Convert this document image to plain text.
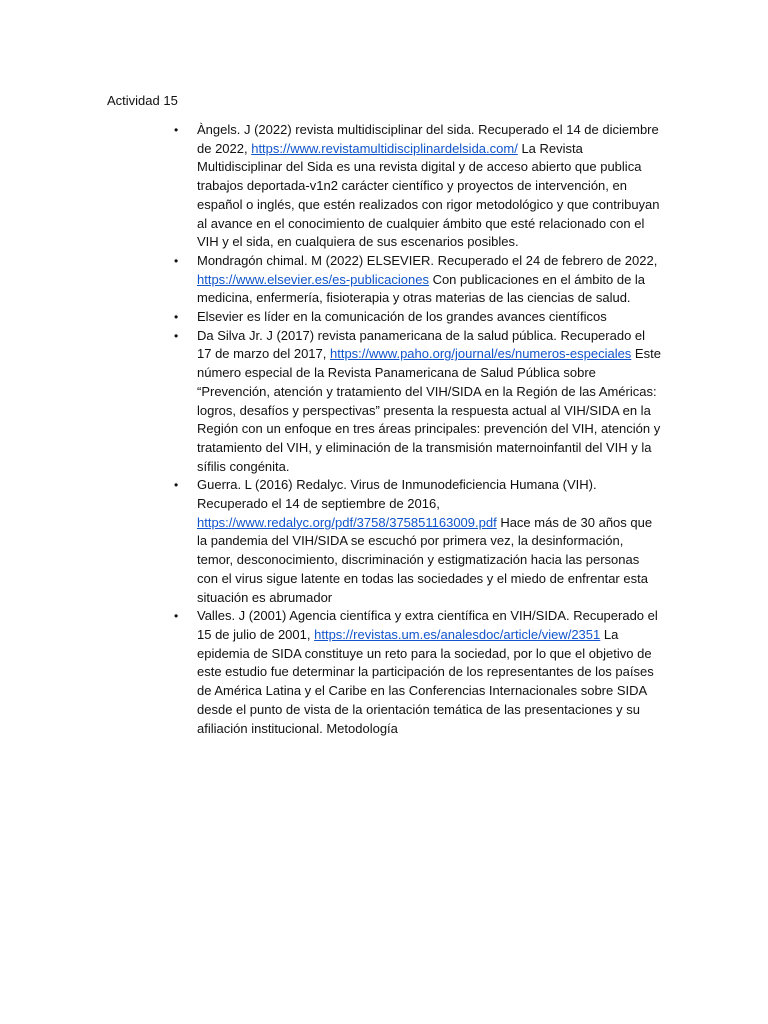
Actividad 15
• Àngels. J (2022) revista multidisciplinar del sida. Recuperado el 14 de diciembre de 2022, https://www.revistamultidisciplinardelsida.com/ La Revista Multidisciplinar del Sida es una revista digital y de acceso abierto que publica trabajos deportada-v1n2 carácter científico y proyectos de intervención, en español o inglés, que estén realizados con rigor metodológico y que contribuyan al avance en el conocimiento de cualquier ámbito que esté relacionado con el VIH y el sida, en cualquiera de sus escenarios posibles.
• Mondragón chimal. M (2022) ELSEVIER. Recuperado el 24 de febrero de 2022, https://www.elsevier.es/es-publicaciones Con publicaciones en el ámbito de la medicina, enfermería, fisioterapia y otras materias de las ciencias de salud.
• Elsevier es líder en la comunicación de los grandes avances científicos
• Da Silva Jr. J (2017) revista panamericana de la salud pública. Recuperado el 17 de marzo del 2017, https://www.paho.org/journal/es/numeros-especiales Este número especial de la Revista Panamericana de Salud Pública sobre “Prevención, atención y tratamiento del VIH/SIDA en la Región de las Américas: logros, desafíos y perspectivas” presenta la respuesta actual al VIH/SIDA en la Región con un enfoque en tres áreas principales: prevención del VIH, atención y tratamiento del VIH, y eliminación de la transmisión maternoinfantil del VIH y la sífilis congénita.
• Guerra. L (2016) Redalyc. Virus de Inmunodeficiencia Humana (VIH). Recuperado el 14 de septiembre de 2016, https://www.redalyc.org/pdf/3758/375851163009.pdf Hace más de 30 años que la pandemia del VIH/SIDA se escuchó por primera vez, la desinformación, temor, desconocimiento, discriminación y estigmatización hacia las personas con el virus sigue latente en todas las sociedades y el miedo de enfrentar esta situación es abrumador
• Valles. J (2001) Agencia científica y extra científica en VIH/SIDA. Recuperado el 15 de julio de 2001, https://revistas.um.es/analesdoc/article/view/2351 La epidemia de SIDA constituye un reto para la sociedad, por lo que el objetivo de este estudio fue determinar la participación de los representantes de los países de América Latina y el Caribe en las Conferencias Internacionales sobre SIDA desde el punto de vista de la orientación temática de las presentaciones y su afiliación institucional. Metodología
